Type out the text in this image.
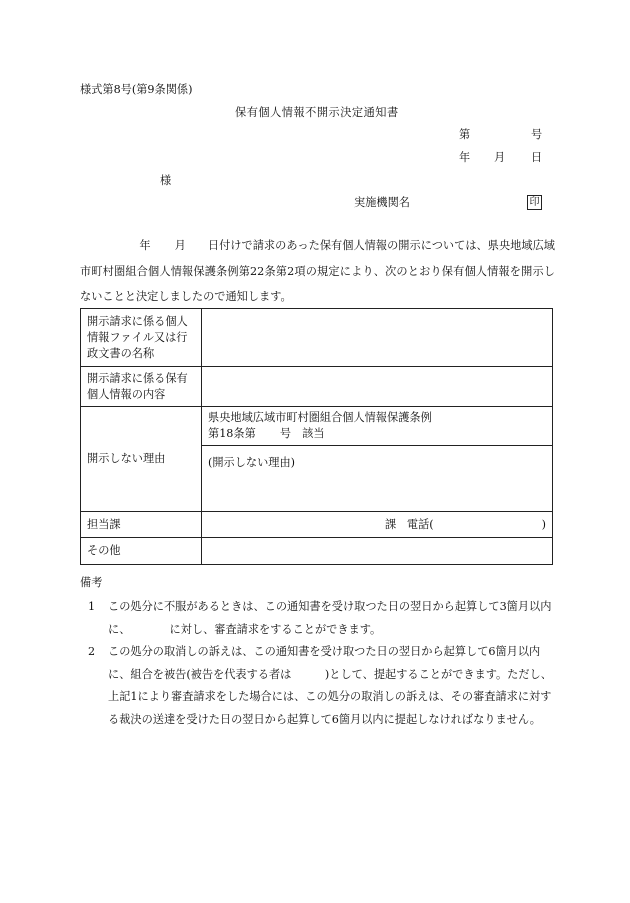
様式第8号(第9条関係)
保有個人情報不開示決定通知書
第	号
年 月 日
様
実施機関名	印
年 月 日付けで請求のあった保有個人情報の開示については、県央地域広域市町村圏組合個人情報保護条例第22条第2項の規定により、次のとおり保有個人情報を開示しないことと決定しましたので通知します。
開示請求に係る個人情報ファイル又は行政文書の名称	
開示請求に係る保有個人情報の内容	
開示しない理由	県央地域広域市町村圏組合個人情報保護条例
第18条第 号　該当

	(開示しない理由)
担当課	課 電話( )
その他	
備考
1 この処分に不服があるときは、この通知書を受け取つた日の翌日から起算して3箇月以内に、　　　　に対し、審査請求をすることができます。
2 この処分の取消しの訴えは、この通知書を受け取つた日の翌日から起算して6箇月以内に、組合を被告(被告を代表する者は　　　)として、提起することができます。ただし、上記1により審査請求をした場合には、この処分の取消しの訴えは、その審査請求に対する裁決の送達を受けた日の翌日から起算して6箇月以内に提起しなければなりません。
